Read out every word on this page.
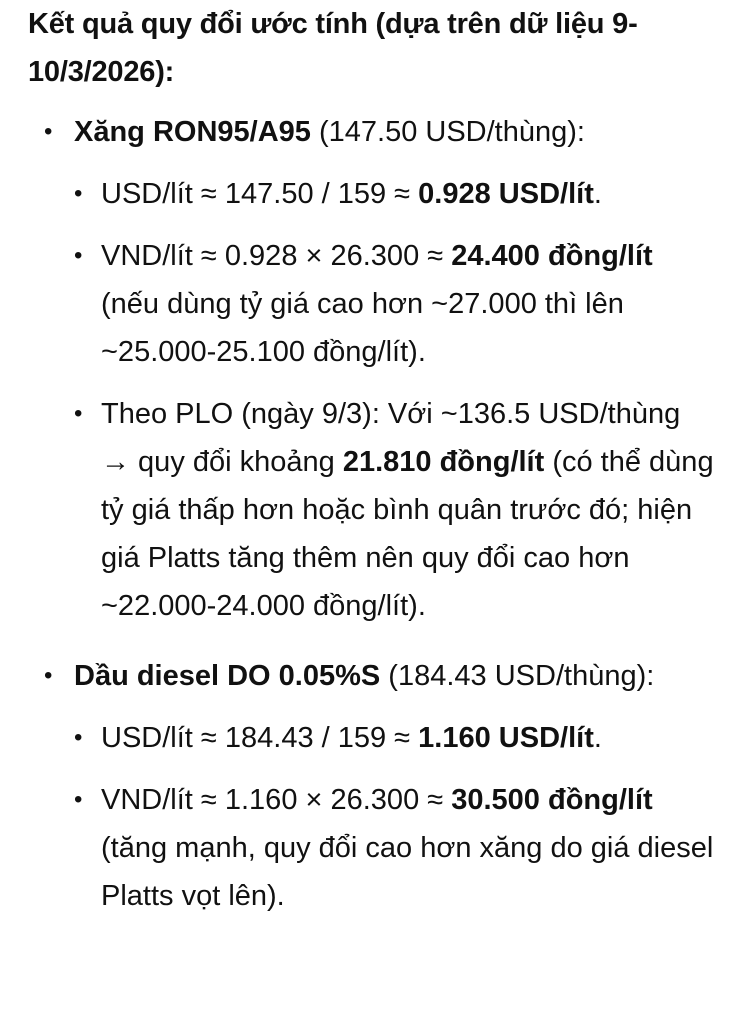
Kết quả quy đổi ước tính (dựa trên dữ liệu 9-10/3/2026):

• Xăng RON95/A95 (147.50 USD/thùng):
• USD/lít ≈ 147.50 / 159 ≈ 0.928 USD/lít.
• VND/lít ≈ 0.928 × 26.300 ≈ 24.400 đồng/lít (nếu dùng tỷ giá cao hơn ~27.000 thì lên ~25.000-25.100 đồng/lít).
• Theo PLO (ngày 9/3): Với ~136.5 USD/thùng → quy đổi khoảng 21.810 đồng/lít (có thể dùng tỷ giá thấp hơn hoặc bình quân trước đó; hiện giá Platts tăng thêm nên quy đổi cao hơn ~22.000-24.000 đồng/lít).
• Dầu diesel DO 0.05%S (184.43 USD/thùng):
• USD/lít ≈ 184.43 / 159 ≈ 1.160 USD/lít.
• VND/lít ≈ 1.160 × 26.300 ≈ 30.500 đồng/lít (tăng mạnh, quy đổi cao hơn xăng do giá diesel Platts vọt lên).
